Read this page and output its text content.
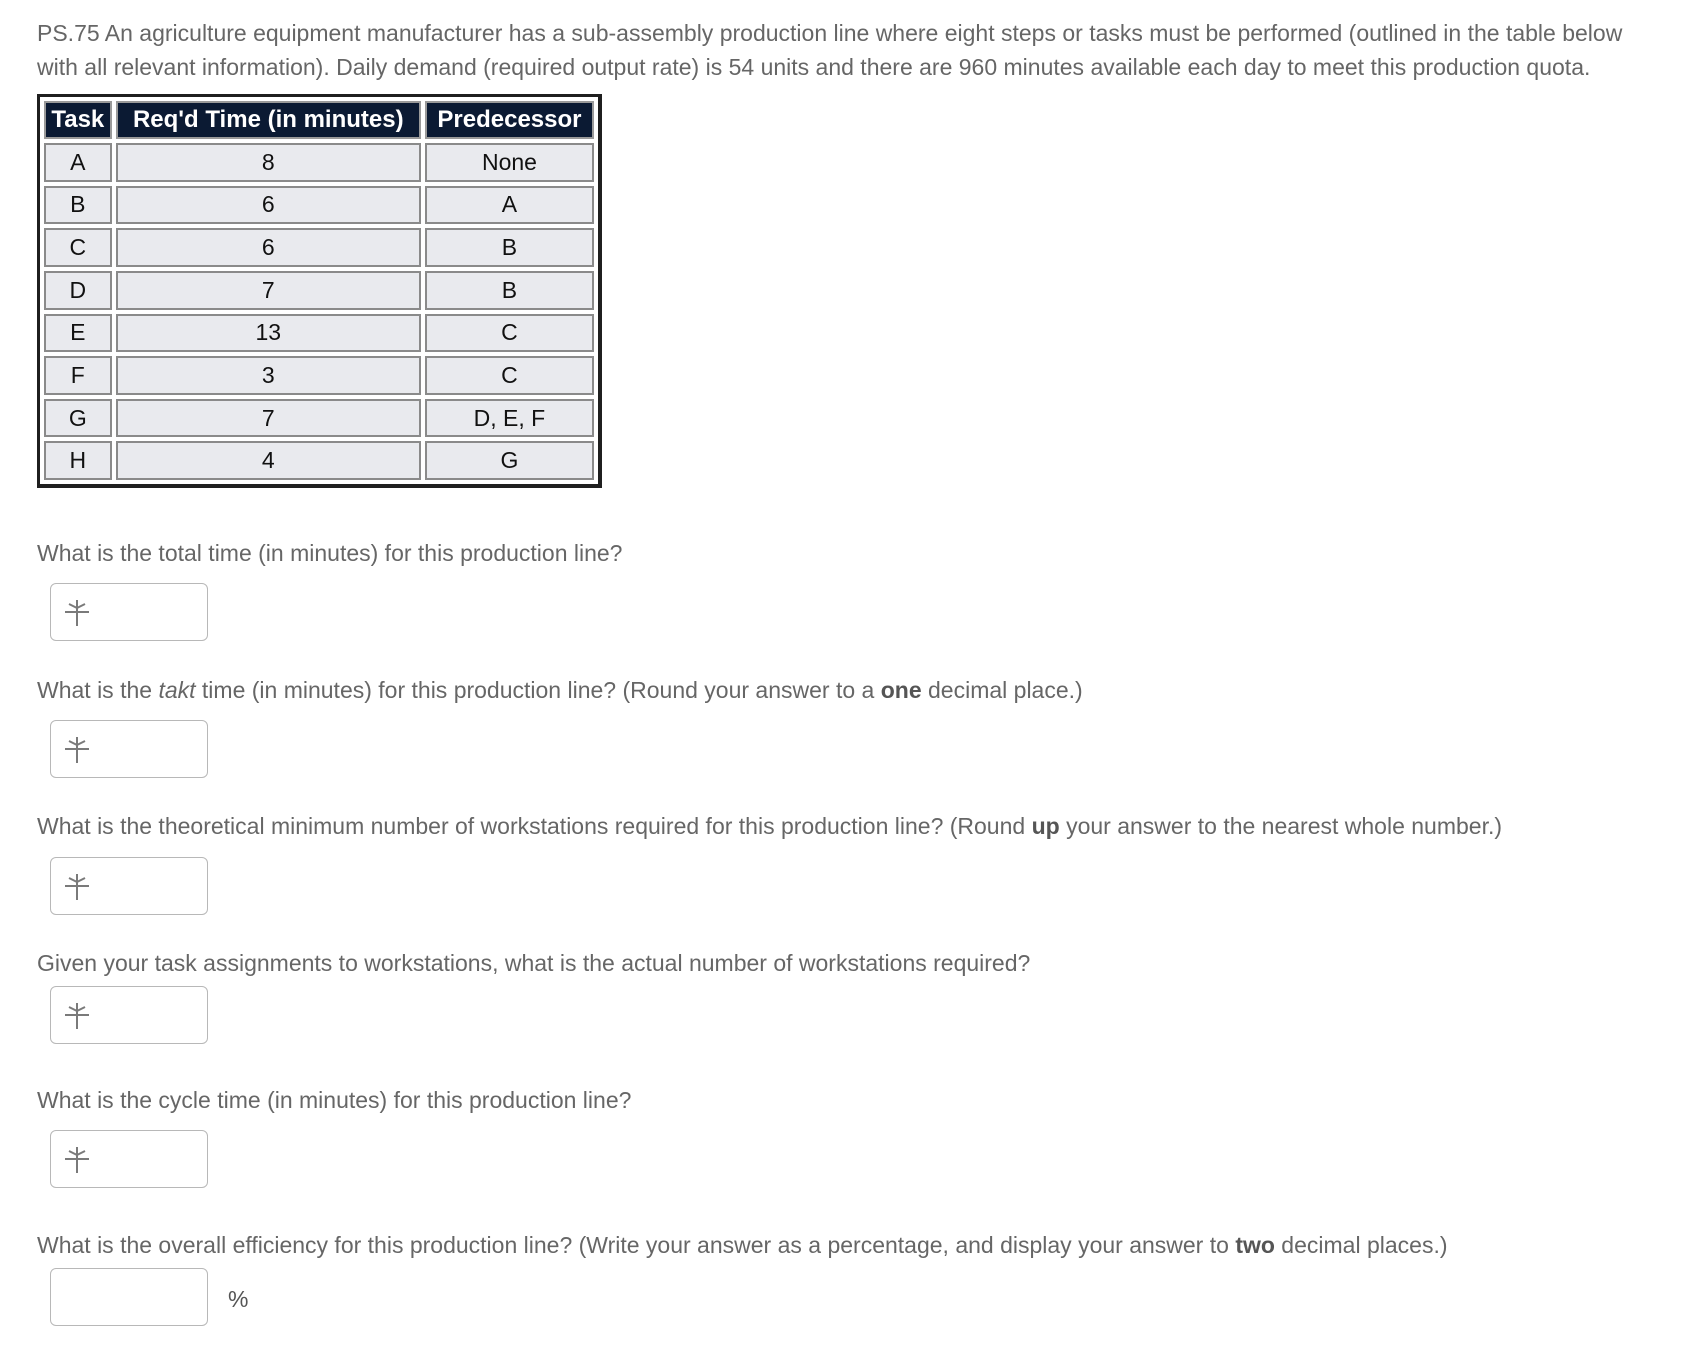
PS.75 An agriculture equipment manufacturer has a sub-assembly production line where eight steps or tasks must be performed (outlined in the table below
with all relevant information). Daily demand (required output rate) is 54 units and there are 960 minutes available each day to meet this production quota.

Task	Req'd Time (in minutes)	Predecessor
A	8	None
B	6	A
C	6	B
D	7	B
E	13	C
F	3	C
G	7	D, E, F
H	4	G

What is the total time (in minutes) for this production line?

What is the takt time (in minutes) for this production line? (Round your answer to a one decimal place.)

What is the theoretical minimum number of workstations required for this production line? (Round up your answer to the nearest whole number.)

Given your task assignments to workstations, what is the actual number of workstations required?

What is the cycle time (in minutes) for this production line?

What is the overall efficiency for this production line? (Write your answer as a percentage, and display your answer to two decimal places.)

%
